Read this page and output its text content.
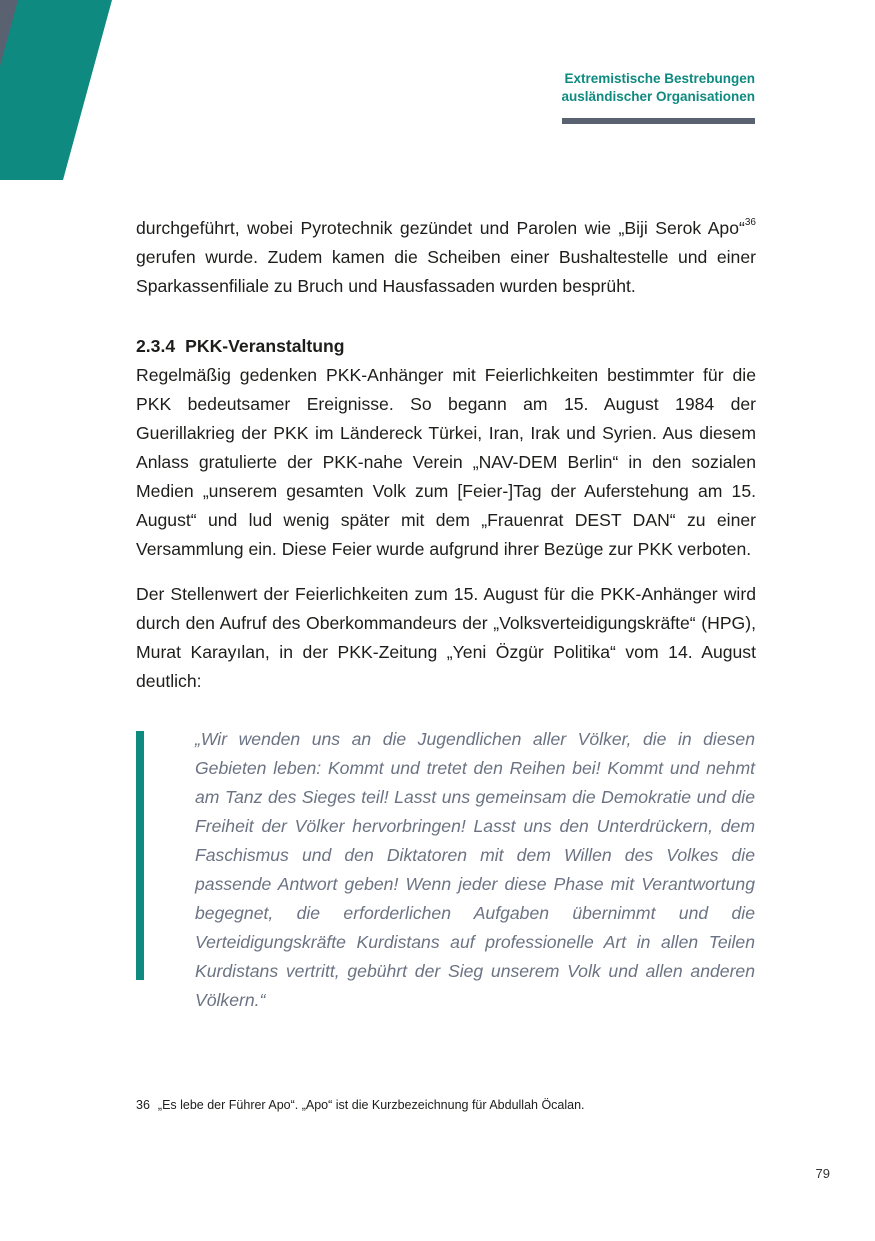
Extremistische Bestrebungen
ausländischer Organisationen

durchgeführt, wobei Pyrotechnik gezündet und Parolen wie „Biji Serok Apo“$^{36}$ gerufen wurde. Zudem kamen die Scheiben einer Bushaltestelle und einer Sparkassenfiliale zu Bruch und Hausfassaden wurden besprüht.

2.3.4 PKK-Veranstaltung

Regelmäßig gedenken PKK-Anhänger mit Feierlichkeiten bestimmter für die PKK bedeutsamer Ereignisse. So begann am 15. August 1984 der Guerillakrieg der PKK im Ländereck Türkei, Iran, Irak und Syrien. Aus diesem Anlass gratulierte der PKK-nahe Verein „NAV-DEM Berlin“ in den sozialen Medien „unserem gesamten Volk zum [Feier-]Tag der Auferstehung am 15. August“ und lud wenig später mit dem „Frauenrat DEST DAN“ zu einer Versammlung ein. Diese Feier wurde aufgrund ihrer Bezüge zur PKK verboten.

Der Stellenwert der Feierlichkeiten zum 15. August für die PKK-Anhänger wird durch den Aufruf des Oberkommandeurs der „Volksverteidigungskräfte“ (HPG), Murat Karayılan, in der PKK-Zeitung „Yeni Özgür Politika“ vom 14. August deutlich:

„Wir wenden uns an die Jugendlichen aller Völker, die in diesen Gebieten leben: Kommt und tretet den Reihen bei! Kommt und nehmt am Tanz des Sieges teil! Lasst uns gemeinsam die Demokratie und die Freiheit der Völker hervorbringen! Lasst uns den Unterdrückern, dem Faschismus und den Diktatoren mit dem Willen des Volkes die passende Antwort geben! Wenn jeder diese Phase mit Verantwortung begegnet, die erforderlichen Aufgaben übernimmt und die Verteidigungskräfte Kurdistans auf professionelle Art in allen Teilen Kurdistans vertritt, gebührt der Sieg unserem Volk und allen anderen Völkern.“

36 „Es lebe der Führer Apo“. „Apo“ ist die Kurzbezeichnung für Abdullah Öcalan.

79
